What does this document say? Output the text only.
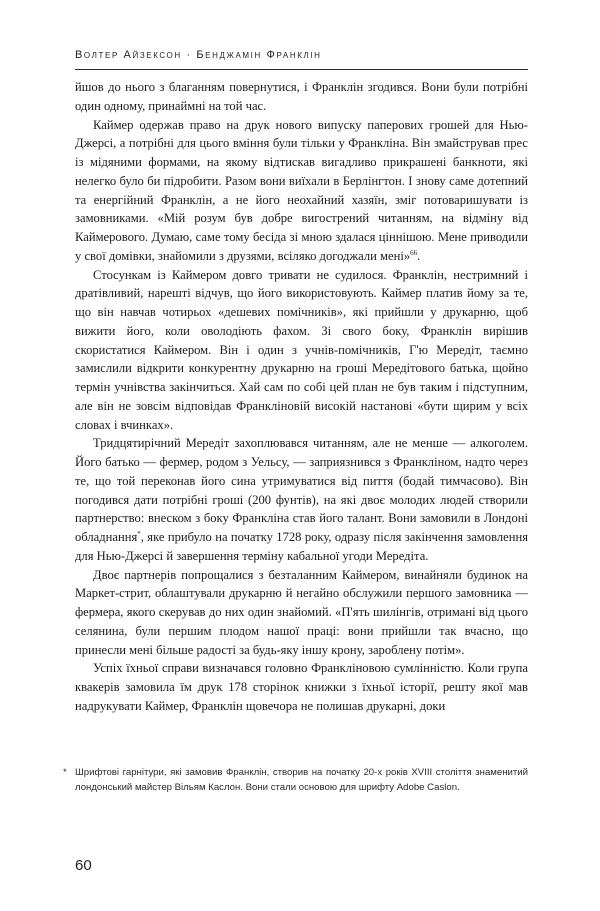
Волтер Айзексон · Бенджамін Франклін

йшов до нього з благанням повернутися, і Франклін згодився. Вони були потрібні один одному, принаймні на той час.

Каймер одержав право на друк нового випуску паперових грошей для Нью-Джерсі, а потрібні для цього вміння були тільки у Франкліна. Він змайстрував прес із мідяними формами, на якому відтискав вигадливо прикрашені банкноти, які нелегко було би підробити. Разом вони виїхали в Берлінгтон. І знову саме дотепний та енергійний Франклін, а не його неохайний хазяїн, зміг потоваришувати із замовниками. «Мій розум був добре вигострений читанням, на відміну від Каймерового. Думаю, саме тому бесіда зі мною здалася ціннішою. Мене приводили у свої домівки, знайомили з друзями, всіляко догоджали мені»$^{66}$.

Стосункам із Каймером довго тривати не судилося. Франклін, нестримний і дратівливий, нарешті відчув, що його використовують. Каймер платив йому за те, що він навчав чотирьох «дешевих помічників», які прийшли у друкарню, щоб вижити його, коли оволодіють фахом. Зі свого боку, Франклін вирішив скористатися Каймером. Він і один з учнів-помічників, Г'ю Мередіт, таємно замислили відкрити конкурентну друкарню на гроші Мередітового батька, щойно термін учнівства закінчиться. Хай сам по собі цей план не був таким і підступним, але він не зовсім відповідав Франкліновій високій настанові «бути щирим у всіх словах і вчинках».

Тридцятирічний Мередіт захоплювався читанням, але не менше — алкоголем. Його батько — фермер, родом з Уельсу, — заприязнився з Франкліном, надто через те, що той переконав його сина утримуватися від пиття (бодай тимчасово). Він погодився дати потрібні гроші (200 фунтів), на які двоє молодих людей створили партнерство: внеском з боку Франкліна став його талант. Вони замовили в Лондоні обладнання*, яке прибуло на початку 1728 року, одразу після закінчення замовлення для Нью-Джерсі й завершення терміну кабальної угоди Мередіта.

Двоє партнерів попрощалися з безталанним Каймером, винайняли будинок на Маркет-стрит, облаштували друкарню й негайно обслужили першого замовника — фермера, якого скерував до них один знайомий. «П'ять шилінгів, отримані від цього селянина, були першим плодом нашої праці: вони прийшли так вчасно, що принесли мені більше радості за будь-яку іншу крону, зароблену потім».

Успіх їхньої справи визначався головно Франкліновою сумлінністю. Коли група квакерів замовила їм друк 178 сторінок книжки з їхньої історії, решту якої мав надрукувати Каймер, Франклін щовечора не полишав друкарні, доки

* Шрифтові гарнітури, які замовив Франклін, створив на початку 20-х років XVIII століття знаменитий лондонський майстер Вільям Каслон. Вони стали основою для шрифту Adobe Caslon.
60
